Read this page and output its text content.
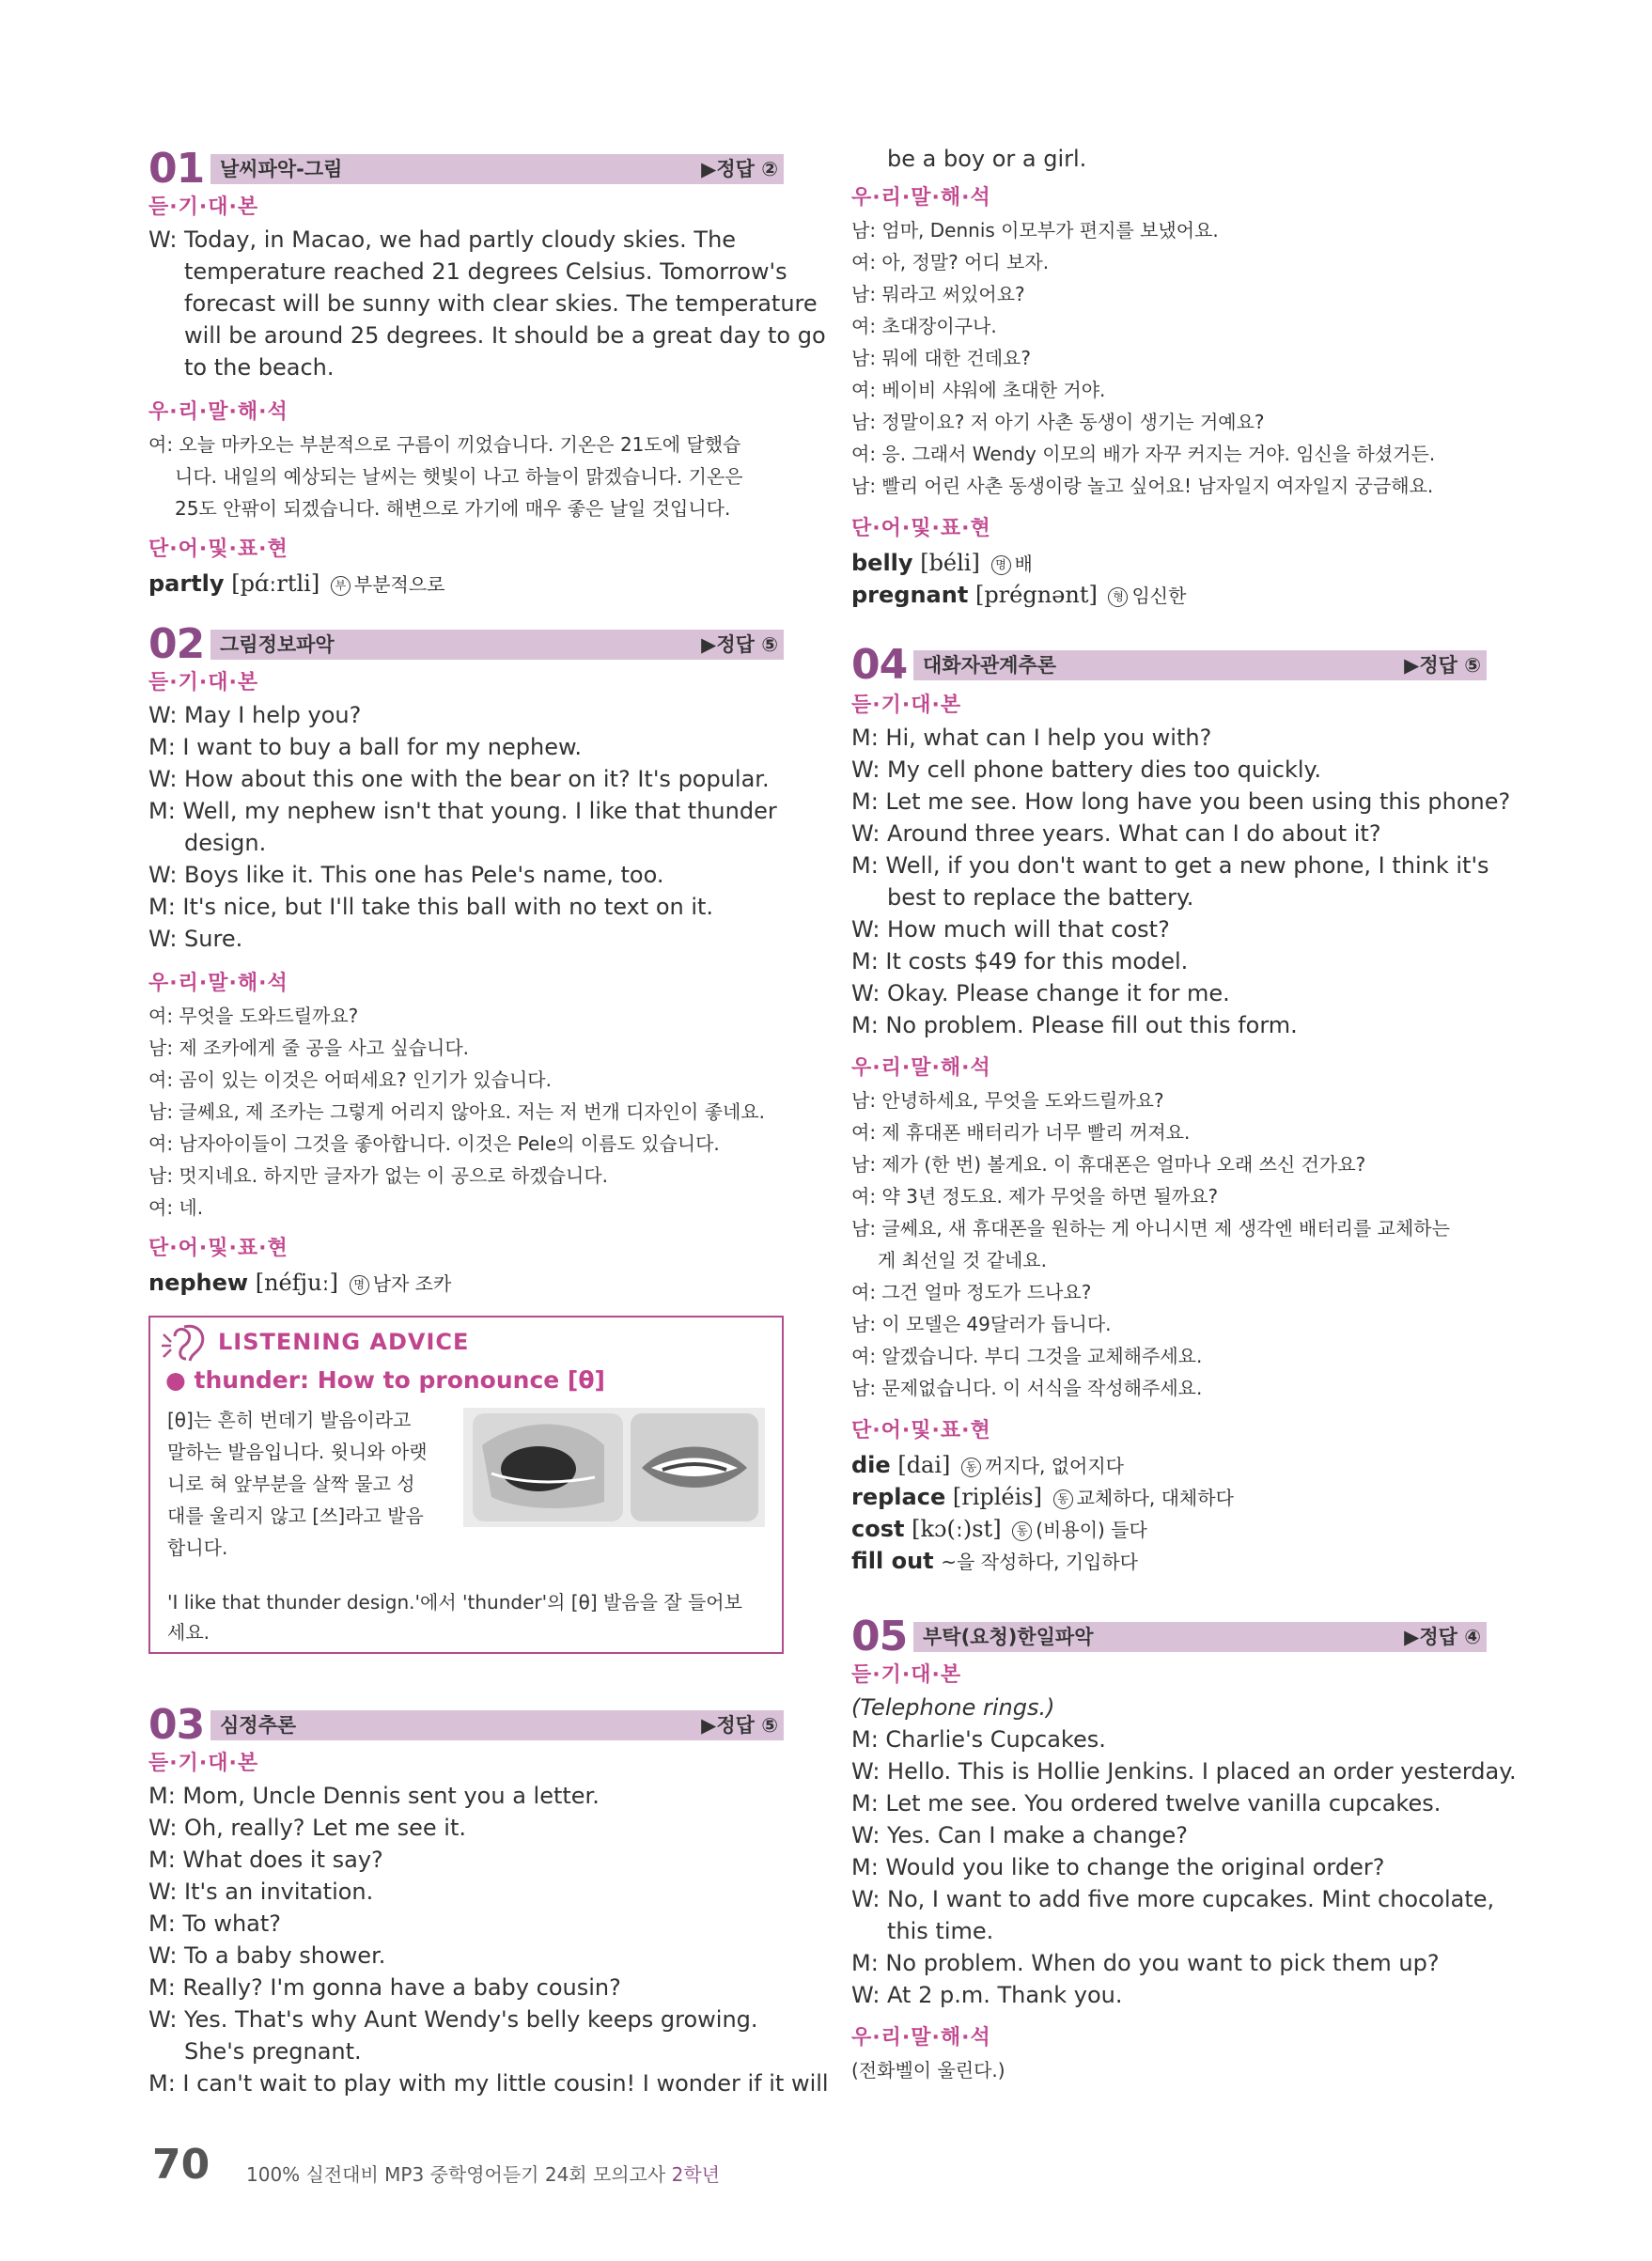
01 날씨파악-그림	▶정답 ②
듣·기·대·본
W: Today, in Macao, we had partly cloudy skies. The
temperature reached 21 degrees Celsius. Tomorrow's
forecast will be sunny with clear skies. The temperature
will be around 25 degrees. It should be a great day to go
to the beach.
우·리·말·해·석
여: 오늘 마카오는 부분적으로 구름이 끼었습니다. 기온은 21도에 달했습
니다. 내일의 예상되는 날씨는 햇빛이 나고 하늘이 맑겠습니다. 기온은
25도 안팎이 되겠습니다. 해변으로 가기에 매우 좋은 날일 것입니다.
단·어·및·표·현
partly [pɑ́ːrtli] 부 부분적으로
02 그림정보파악	▶정답 ⑤
듣·기·대·본
W: May I help you?
M: I want to buy a ball for my nephew.
W: How about this one with the bear on it? It's popular.
M: Well, my nephew isn't that young. I like that thunder
design.
W: Boys like it. This one has Pele's name, too.
M: It's nice, but I'll take this ball with no text on it.
W: Sure.
우·리·말·해·석
여: 무엇을 도와드릴까요?
남: 제 조카에게 줄 공을 사고 싶습니다.
여: 곰이 있는 이것은 어떠세요? 인기가 있습니다.
남: 글쎄요, 제 조카는 그렇게 어리지 않아요. 저는 저 번개 디자인이 좋네요.
여: 남자아이들이 그것을 좋아합니다. 이것은 Pele의 이름도 있습니다.
남: 멋지네요. 하지만 글자가 없는 이 공으로 하겠습니다.
여: 네.
단·어·및·표·현
nephew [néfjuː] 명 남자 조카
LISTENING ADVICE
● thunder: How to pronounce [θ]
[θ]는 흔히 번데기 발음이라고
말하는 발음입니다. 윗니와 아랫
니로 혀 앞부분을 살짝 물고 성
대를 울리지 않고 [쓰]라고 발음
합니다.
'I like that thunder design.'에서 'thunder'의 [θ] 발음을 잘 들어보
세요.
03 심정추론	▶정답 ⑤
듣·기·대·본
M: Mom, Uncle Dennis sent you a letter.
W: Oh, really? Let me see it.
M: What does it say?
W: It's an invitation.
M: To what?
W: To a baby shower.
M: Really? I'm gonna have a baby cousin?
W: Yes. That's why Aunt Wendy's belly keeps growing.
She's pregnant.
M: I can't wait to play with my little cousin! I wonder if it will
be a boy or a girl.
우·리·말·해·석
남: 엄마, Dennis 이모부가 편지를 보냈어요.
여: 아, 정말? 어디 보자.
남: 뭐라고 써있어요?
여: 초대장이구나.
남: 뭐에 대한 건데요?
여: 베이비 샤워에 초대한 거야.
남: 정말이요? 저 아기 사촌 동생이 생기는 거예요?
여: 응. 그래서 Wendy 이모의 배가 자꾸 커지는 거야. 임신을 하셨거든.
남: 빨리 어린 사촌 동생이랑 놀고 싶어요! 남자일지 여자일지 궁금해요.
단·어·및·표·현
belly [béli] 명 배
pregnant [prégnənt] 형 임신한
04 대화자관계추론	▶정답 ⑤
듣·기·대·본
M: Hi, what can I help you with?
W: My cell phone battery dies too quickly.
M: Let me see. How long have you been using this phone?
W: Around three years. What can I do about it?
M: Well, if you don't want to get a new phone, I think it's
best to replace the battery.
W: How much will that cost?
M: It costs $49 for this model.
W: Okay. Please change it for me.
M: No problem. Please fill out this form.
우·리·말·해·석
남: 안녕하세요, 무엇을 도와드릴까요?
여: 제 휴대폰 배터리가 너무 빨리 꺼져요.
남: 제가 (한 번) 볼게요. 이 휴대폰은 얼마나 오래 쓰신 건가요?
여: 약 3년 정도요. 제가 무엇을 하면 될까요?
남: 글쎄요, 새 휴대폰을 원하는 게 아니시면 제 생각엔 배터리를 교체하는
게 최선일 것 같네요.
여: 그건 얼마 정도가 드나요?
남: 이 모델은 49달러가 듭니다.
여: 알겠습니다. 부디 그것을 교체해주세요.
남: 문제없습니다. 이 서식을 작성해주세요.
단·어·및·표·현
die [dai] 동 꺼지다, 없어지다
replace [ripléis] 동 교체하다, 대체하다
cost [kɔ(ː)st] 동 (비용이) 들다
fill out ~을 작성하다, 기입하다
05 부탁(요청)한일파악	▶정답 ④
듣·기·대·본
(Telephone rings.)
M: Charlie's Cupcakes.
W: Hello. This is Hollie Jenkins. I placed an order yesterday.
M: Let me see. You ordered twelve vanilla cupcakes.
W: Yes. Can I make a change?
M: Would you like to change the original order?
W: No, I want to add five more cupcakes. Mint chocolate,
this time.
M: No problem. When do you want to pick them up?
W: At 2 p.m. Thank you.
우·리·말·해·석
(전화벨이 울린다.)
70 100% 실전대비 MP3 중학영어듣기 24회 모의고사 2학년
